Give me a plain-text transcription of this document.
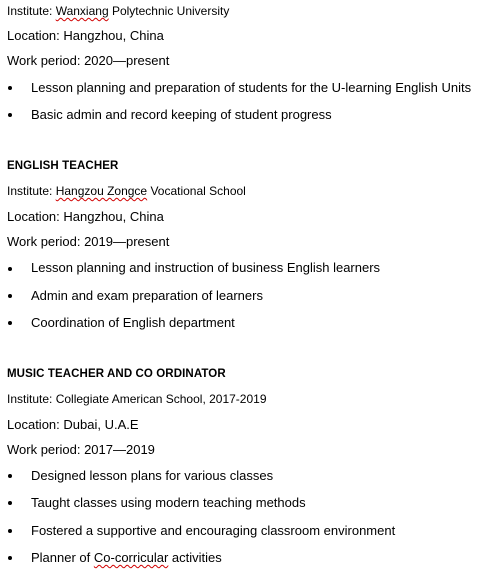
Institute: Wanxiang Polytechnic University
Location: Hangzhou, China
Work period: 2020—present
Lesson planning and preparation of students for the U-learning English Units
Basic admin and record keeping of student progress
ENGLISH TEACHER
Institute: Hangzou Zongce Vocational School
Location: Hangzhou, China
Work period: 2019—present
Lesson planning and instruction of business English learners
Admin and exam preparation of learners
Coordination of English department
MUSIC TEACHER AND CO ORDINATOR
Institute: Collegiate American School, 2017-2019
Location: Dubai, U.A.E
Work period: 2017—2019
Designed lesson plans for various classes
Taught classes using modern teaching methods
Fostered a supportive and encouraging classroom environment
Planner of Co-corricular activities
